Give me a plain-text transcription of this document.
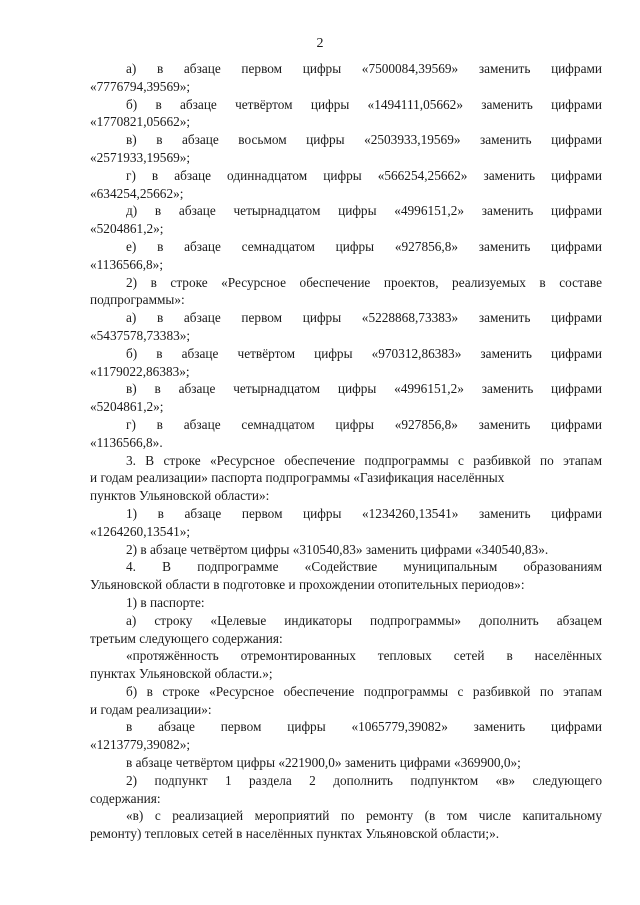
2
а) в абзаце первом цифры «7500084,39569» заменить цифрами
«7776794,39569»;
б) в абзаце четвёртом цифры «1494111,05662» заменить цифрами
«1770821,05662»;
в) в абзаце восьмом цифры «2503933,19569» заменить цифрами
«2571933,19569»;
г) в абзаце одиннадцатом цифры «566254,25662» заменить цифрами
«634254,25662»;
д) в абзаце четырнадцатом цифры «4996151,2» заменить цифрами
«5204861,2»;
е) в абзаце семнадцатом цифры «927856,8» заменить цифрами
«1136566,8»;
2) в строке «Ресурсное обеспечение проектов, реализуемых в составе
подпрограммы»:
а) в абзаце первом цифры «5228868,73383» заменить цифрами
«5437578,73383»;
б) в абзаце четвёртом цифры «970312,86383» заменить цифрами
«1179022,86383»;
в) в абзаце четырнадцатом цифры «4996151,2» заменить цифрами
«5204861,2»;
г) в абзаце семнадцатом цифры «927856,8» заменить цифрами
«1136566,8».
3. В строке «Ресурсное обеспечение подпрограммы с разбивкой по этапам
и годам реализации» паспорта подпрограммы «Газификация населённых
пунктов Ульяновской области»:
1) в абзаце первом цифры «1234260,13541» заменить цифрами
«1264260,13541»;
2) в абзаце четвёртом цифры «310540,83» заменить цифрами «340540,83».
4. В подпрограмме «Содействие муниципальным образованиям
Ульяновской области в подготовке и прохождении отопительных периодов»:
1) в паспорте:
а) строку «Целевые индикаторы подпрограммы» дополнить абзацем
третьим следующего содержания:
«протяжённость отремонтированных тепловых сетей в населённых
пунктах Ульяновской области.»;
б) в строке «Ресурсное обеспечение подпрограммы с разбивкой по этапам
и годам реализации»:
в абзаце первом цифры «1065779,39082» заменить цифрами
«1213779,39082»;
в абзаце четвёртом цифры «221900,0» заменить цифрами «369900,0»;
2) подпункт 1 раздела 2 дополнить подпунктом «в» следующего
содержания:
«в) с реализацией мероприятий по ремонту (в том числе капитальному
ремонту) тепловых сетей в населённых пунктах Ульяновской области;».
